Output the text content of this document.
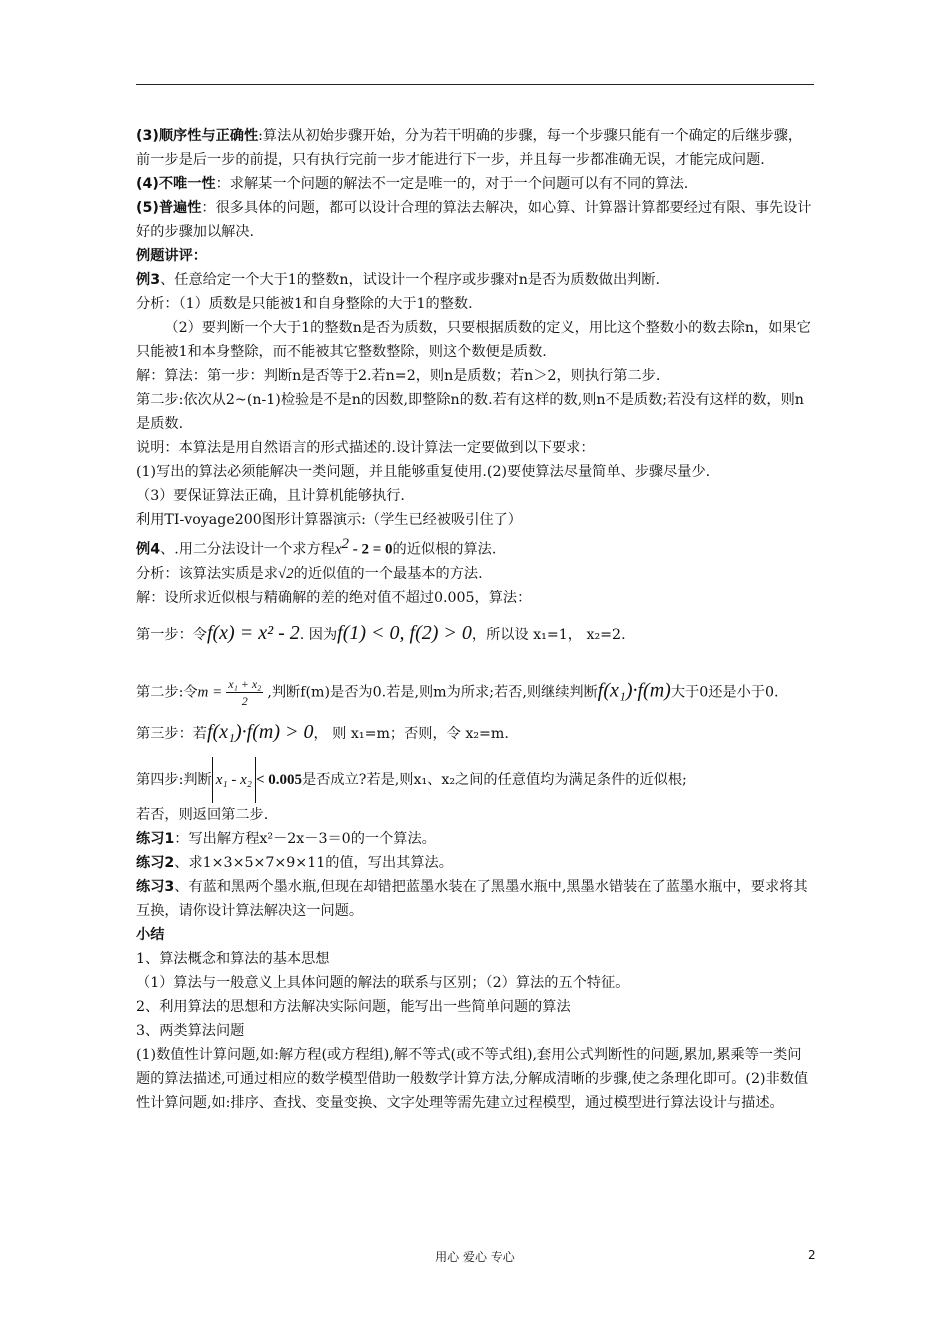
(3)顺序性与正确性:算法从初始步骤开始，分为若干明确的步骤，每一个步骤只能有一个确定的后继步骤，前一步是后一步的前提，只有执行完前一步才能进行下一步，并且每一步都准确无误，才能完成问题.

(4)不唯一性：求解某一个问题的解法不一定是唯一的，对于一个问题可以有不同的算法.

(5)普遍性：很多具体的问题，都可以设计合理的算法去解决，如心算、计算器计算都要经过有限、事先设计好的步骤加以解决.

例题讲评：

例3、任意给定一个大于1的整数n，试设计一个程序或步骤对n是否为质数做出判断.

分析：（1）质数是只能被1和自身整除的大于1的整数.

（2）要判断一个大于1的整数n是否为质数，只要根据质数的定义，用比这个整数小的数去除n，如果它只能被1和本身整除，而不能被其它整数整除，则这个数便是质数.

解：算法：第一步：判断n是否等于2.若n=2，则n是质数；若n＞2，则执行第二步.

第二步:依次从2~(n-1)检验是不是n的因数,即整除n的数.若有这样的数,则n不是质数;若没有这样的数，则n是质数.

说明：本算法是用自然语言的形式描述的.设计算法一定要做到以下要求：

(1)写出的算法必须能解决一类问题，并且能够重复使用.(2)要使算法尽量简单、步骤尽量少.

（3）要保证算法正确，且计算机能够执行.

利用TI-voyage200图形计算器演示:（学生已经被吸引住了）

例4、.用二分法设计一个求方程$x^2 - 2 = 0$的近似根的算法.

分析：该算法实质是求√2的近似值的一个最基本的方法.

解：设所求近似根与精确解的差的绝对值不超过0.005，算法：

第一步：令f(x) = x² - 2. 因为f(1) < 0, f(2) > 0，所以设 x₁=1， x₂=2.

第二步:令$m = \frac{\text{x₁ + x₂}}{2}$ ,判断f(m)是否为0.若是,则m为所求;若否,则继续判断f(x₁)·f(m)大于0还是小于0.

第三步：若f(x₁)·f(m) > 0， 则 x₁=m；否则，令 x₂=m.

第四步:判断 x₁ - x₂ < 0.005是否成立?若是,则x₁、x₂之间的任意值均为满足条件的近似根;

若否，则返回第二步.

练习1：写出解方程x²－2x－3＝0的一个算法。

练习2、求1×3×5×7×9×11的值，写出其算法。

练习3、有蓝和黑两个墨水瓶,但现在却错把蓝墨水装在了黑墨水瓶中,黑墨水错装在了蓝墨水瓶中，要求将其互换，请你设计算法解决这一问题。

小结

1、算法概念和算法的基本思想

（1）算法与一般意义上具体问题的解法的联系与区别；（2）算法的五个特征。

2、利用算法的思想和方法解决实际问题，能写出一些简单问题的算法

3、两类算法问题

(1)数值性计算问题,如:解方程(或方程组),解不等式(或不等式组),套用公式判断性的问题,累加,累乘等一类问题的算法描述,可通过相应的数学模型借助一般数学计算方法,分解成清晰的步骤,使之条理化即可。(2)非数值性计算问题,如:排序、查找、变量变换、文字处理等需先建立过程模型，通过模型进行算法设计与描述。

用心 爱心 专心	2
